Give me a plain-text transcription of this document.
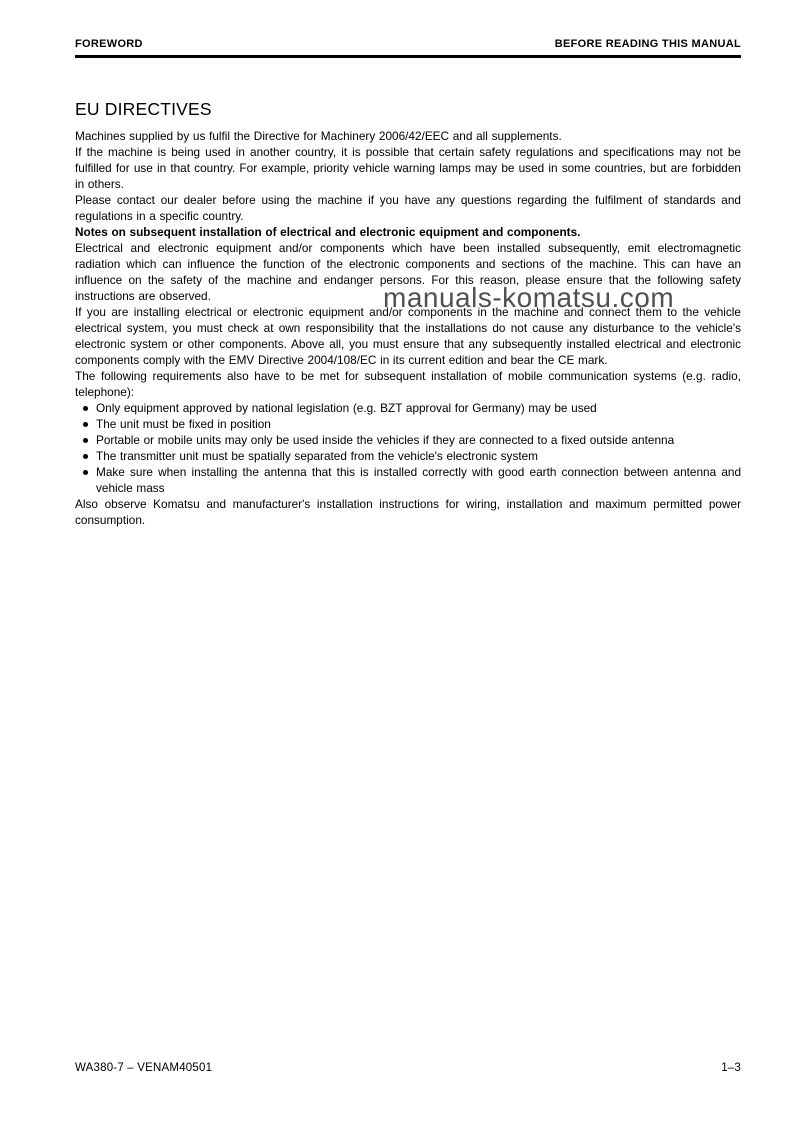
FOREWORD	BEFORE READING THIS MANUAL
EU DIRECTIVES

Machines supplied by us fulfil the Directive for Machinery 2006/42/EEC and all supplements.

If the machine is being used in another country, it is possible that certain safety regulations and specifications may not be fulfilled for use in that country. For example, priority vehicle warning lamps may be used in some countries, but are forbidden in others.

Please contact our dealer before using the machine if you have any questions regarding the fulfilment of standards and regulations in a specific country.

Notes on subsequent installation of electrical and electronic equipment and components.

Electrical and electronic equipment and/or components which have been installed subsequently, emit electromagnetic radiation which can influence the function of the electronic components and sections of the machine. This can have an influence on the safety of the machine and endanger persons. For this reason, please ensure that the following safety instructions are observed.

If you are installing electrical or electronic equipment and/or components in the machine and connect them to the vehicle electrical system, you must check at own responsibility that the installations do not cause any disturbance to the vehicle's electronic system or other components. Above all, you must ensure that any subsequently installed electrical and electronic components comply with the EMV Directive 2004/108/EC in its current edition and bear the CE mark.

The following requirements also have to be met for subsequent installation of mobile communication systems (e.g. radio, telephone):

Only equipment approved by national legislation (e.g. BZT approval for Germany) may be used
The unit must be fixed in position
Portable or mobile units may only be used inside the vehicles if they are connected to a fixed outside antenna
The transmitter unit must be spatially separated from the vehicle's electronic system
Make sure when installing the antenna that this is installed correctly with good earth connection between antenna and vehicle mass

Also observe Komatsu and manufacturer's installation instructions for wiring, installation and maximum permitted power consumption.

manuals-komatsu.com
WA380-7 – VENAM40501	1–3
